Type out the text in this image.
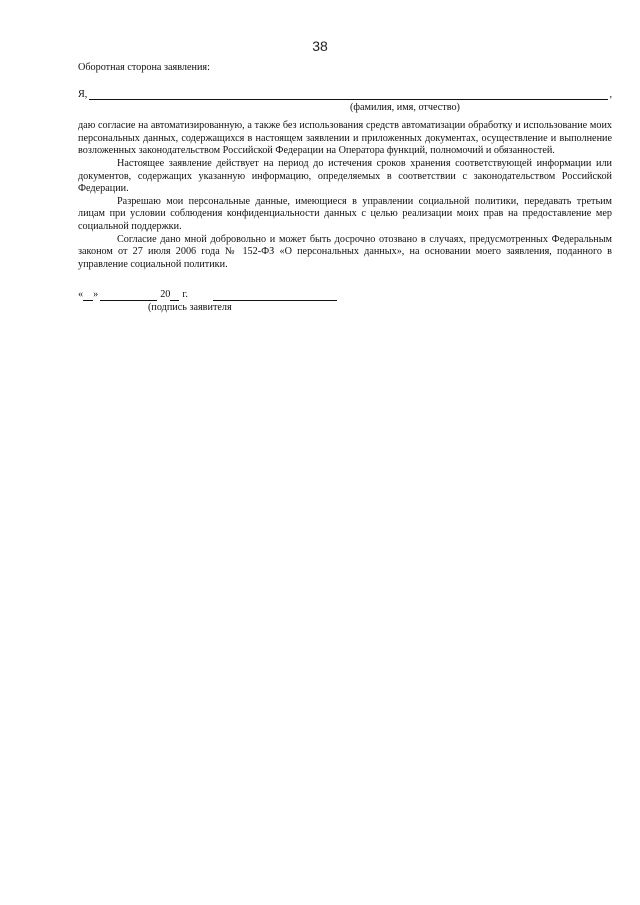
38

Оборотная сторона заявления:

Я,	,

(фамилия, имя, отчество)

даю согласие на автоматизированную, а также без использования средств автоматизации обработку и использование моих персональных данных, содержащихся в настоящем заявлении и приложенных документах, осуществление и выполнение возложенных законодательством Российской Федерации на Оператора функций, полномочий и обязанностей.

Настоящее заявление действует на период до истечения сроков хранения соответствующей информации или документов, содержащих указанную информацию, определяемых в соответствии с законодательством Российской Федерации.

Разрешаю мои персональные данные, имеющиеся в управлении социальной политики, передавать третьим лицам при условии соблюдения конфиденциальности данных с целью реализации моих прав на предоставление мер социальной поддержки.

Согласие дано мной добровольно и может быть досрочно отозвано в случаях, предусмотренных Федеральным законом от 27 июля 2006 года № 152-ФЗ «О персональных данных», на основании моего заявления, поданного в управление социальной политики.

« »	20 г.

(подпись заявителя
